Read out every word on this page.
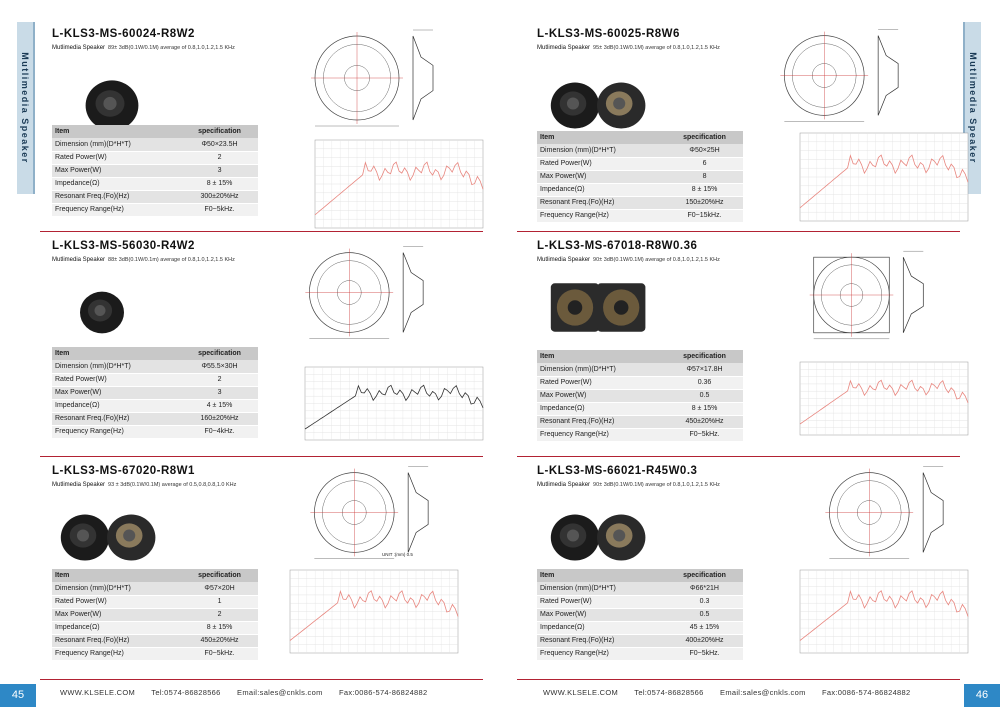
Mutlimedia Speaker	Mutlimedia Speaker
L-KLS3-MS-60024-R8W2
Mutlimedia Speaker 89± 3dB(0.1W/0.1M) average of 0.8,1.0,1.2,1.5 KHz
Item	specification
Dimension (mm)(D*H*T)	Φ50×23.5H
Rated Power(W)	2
Max Power(W)	3
Impedance(Ω)	8 ± 15%
Resonant Freq.(Fo)(Hz)	300±20%Hz
Frequency Range(Hz)	F0~5kHz.
L-KLS3-MS-60025-R8W6
Mutlimedia Speaker 95± 3dB(0.1W/0.1M) average of 0.8,1.0,1.2,1.5 KHz
Item	specification
Dimension (mm)(D*H*T)	Φ50×25H
Rated Power(W)	6
Max Power(W)	8
Impedance(Ω)	8 ± 15%
Resonant Freq.(Fo)(Hz)	150±20%Hz
Frequency Range(Hz)	F0~15kHz.
L-KLS3-MS-56030-R4W2
Mutlimedia Speaker 88± 3dB(0.1W/0.1m) average of 0.8,1.0,1.2,1.5 KHz
Item	specification
Dimension (mm)(D*H*T)	Φ55.5×30H
Rated Power(W)	2
Max Power(W)	3
Impedance(Ω)	4 ± 15%
Resonant Freq.(Fo)(Hz)	160±20%Hz
Frequency Range(Hz)	F0~4kHz.
L-KLS3-MS-67018-R8W0.36
Mutlimedia Speaker 90± 3dB(0.1W/0.1M) average of 0.8,1.0,1.2,1.5 KHz
Item	specification
Dimension (mm)(D*H*T)	Φ57×17.8H
Rated Power(W)	0.36
Max Power(W)	0.5
Impedance(Ω)	8 ± 15%
Resonant Freq.(Fo)(Hz)	450±20%Hz
Frequency Range(Hz)	F0~5kHz.
L-KLS3-MS-67020-R8W1
Mutlimedia Speaker 93 ± 3dB(0.1W/0.1M) average of 0.5,0.8,0.8,1.0 KHz
Item	specification
Dimension (mm)(D*H*T)	Φ57×20H
Rated Power(W)	1
Max Power(W)	2
Impedance(Ω)	8 ± 15%
Resonant Freq.(Fo)(Hz)	450±20%Hz
Frequency Range(Hz)	F0~5kHz.
UNIT :(mm) 0.5
L-KLS3-MS-66021-R45W0.3
Mutlimedia Speaker 90± 3dB(0.1W/0.1M) average of 0.8,1.0,1.2,1.5 KHz
Item	specification
Dimension (mm)(D*H*T)	Φ66*21H
Rated Power(W)	0.3
Max Power(W)	0.5
Impedance(Ω)	45 ± 15%
Resonant Freq.(Fo)(Hz)	400±20%Hz
Frequency Range(Hz)	F0~5kHz.
45	46
WWW.KLSELE.COM Tel:0574-86828566 Email:sales@cnkls.com Fax:0086-574-86824882	WWW.KLSELE.COM Tel:0574-86828566 Email:sales@cnkls.com Fax:0086-574-86824882
